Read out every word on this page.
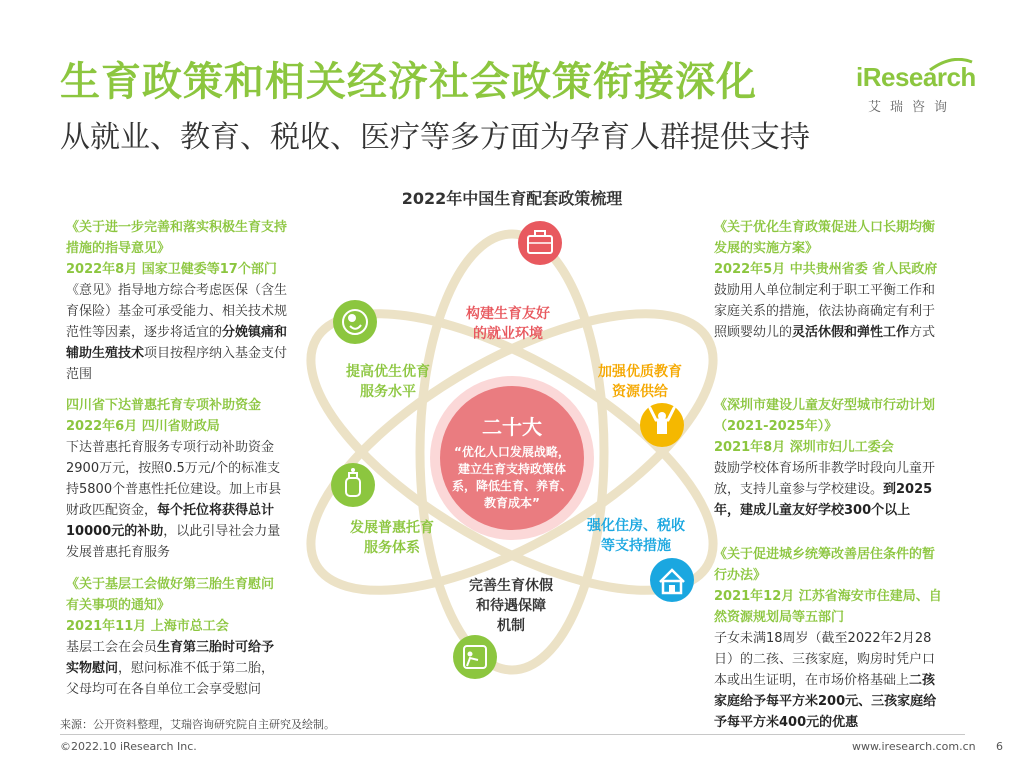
生育政策和相关经济社会政策衔接深化
从就业、教育、税收、医疗等多方面为孕育人群提供支持
iResearch
艾瑞咨询
2022年中国生育配套政策梳理
二十大
“优化人口发展战略，
建立生育支持政策体
系，降低生育、养育、
教育成本”
构建生育友好
的就业环境
加强优质教育
资源供给
强化住房、税收
等支持措施
完善生育休假
和待遇保障
机制
发展普惠托育
服务体系
提高优生优育
服务水平
《关于进一步完善和落实积极生育支持
措施的指导意见》
2022年8月 国家卫健委等17个部门
《意见》指导地方综合考虑医保（含生
育保险）基金可承受能力、相关技术规
范性等因素，逐步将适宜的分娩镇痛和
辅助生殖技术项目按程序纳入基金支付
范围
四川省下达普惠托育专项补助资金
2022年6月 四川省财政局
下达普惠托育服务专项行动补助资金
2900万元，按照0.5万元/个的标准支
持5800个普惠性托位建设。加上市县
财政匹配资金，每个托位将获得总计
10000元的补助，以此引导社会力量
发展普惠托育服务
《关于基层工会做好第三胎生育慰问
有关事项的通知》
2021年11月 上海市总工会
基层工会在会员生育第三胎时可给予
实物慰问，慰问标准不低于第二胎，
父母均可在各自单位工会享受慰问
《关于优化生育政策促进人口长期均衡
发展的实施方案》
2022年5月 中共贵州省委 省人民政府
鼓励用人单位制定利于职工平衡工作和
家庭关系的措施，依法协商确定有利于
照顾婴幼儿的灵活休假和弹性工作方式
《深圳市建设儿童友好型城市行动计划
（2021-2025年）》
2021年8月 深圳市妇儿工委会
鼓励学校体育场所非教学时段向儿童开
放，支持儿童参与学校建设。到2025
年，建成儿童友好学校300个以上
《关于促进城乡统筹改善居住条件的暂
行办法》
2021年12月 江苏省海安市住建局、自
然资源规划局等五部门
子女未满18周岁（截至2022年2月28
日）的二孩、三孩家庭，购房时凭户口
本或出生证明，在市场价格基础上二孩
家庭给予每平方米200元、三孩家庭给
予每平方米400元的优惠
来源：公开资料整理，艾瑞咨询研究院自主研究及绘制。
©2022.10 iResearch Inc.	www.iresearch.com.cn 6
